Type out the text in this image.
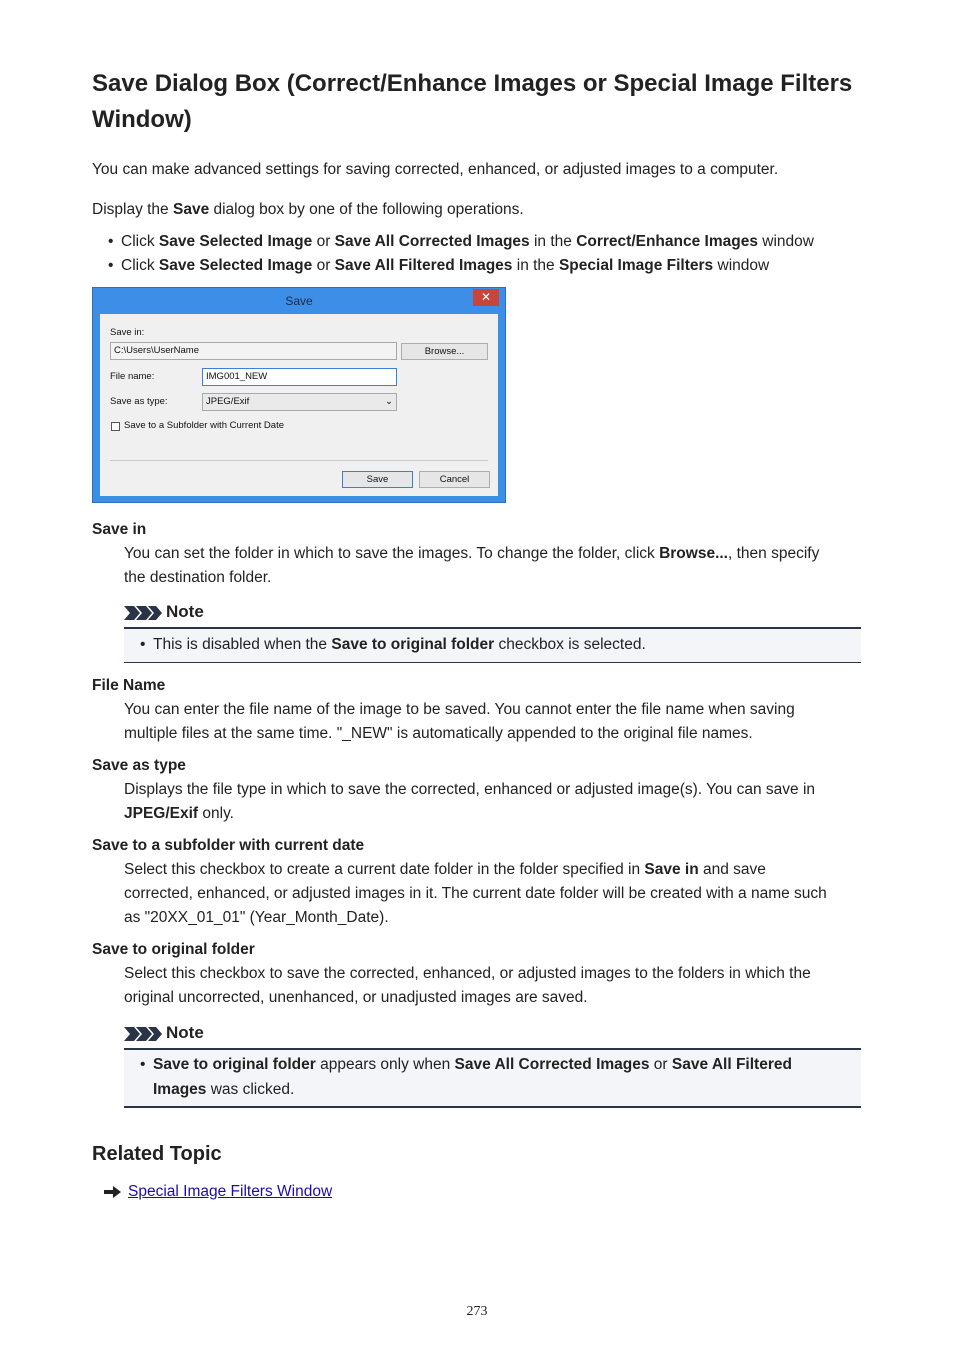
Save Dialog Box (Correct/Enhance Images or Special Image Filters Window)

You can make advanced settings for saving corrected, enhanced, or adjusted images to a computer.

Display the Save dialog box by one of the following operations.

• Click Save Selected Image or Save All Corrected Images in the Correct/Enhance Images window
• Click Save Selected Image or Save All Filtered Images in the Special Image Filters window
Save	✕
Save in:
C:\Users\UserName	Browse...
File name:	IMG001_NEW
Save as type:	JPEG/Exif	⌄
Save to a Subfolder with Current Date
Save	Cancel
Save in
You can set the folder in which to save the images. To change the folder, click Browse..., then specify
the destination folder.
Note
• This is disabled when the Save to original folder checkbox is selected.
File Name
You can enter the file name of the image to be saved. You cannot enter the file name when saving
multiple files at the same time. "_NEW" is automatically appended to the original file names.
Save as type
Displays the file type in which to save the corrected, enhanced or adjusted image(s). You can save in
JPEG/Exif only.
Save to a subfolder with current date
Select this checkbox to create a current date folder in the folder specified in Save in and save
corrected, enhanced, or adjusted images in it. The current date folder will be created with a name such
as "20XX_01_01" (Year_Month_Date).
Save to original folder
Select this checkbox to save the corrected, enhanced, or adjusted images to the folders in which the
original uncorrected, unenhanced, or unadjusted images are saved.
Note
• Save to original folder appears only when Save All Corrected Images or Save All Filtered
Images was clicked.
Related Topic
Special Image Filters Window
273
